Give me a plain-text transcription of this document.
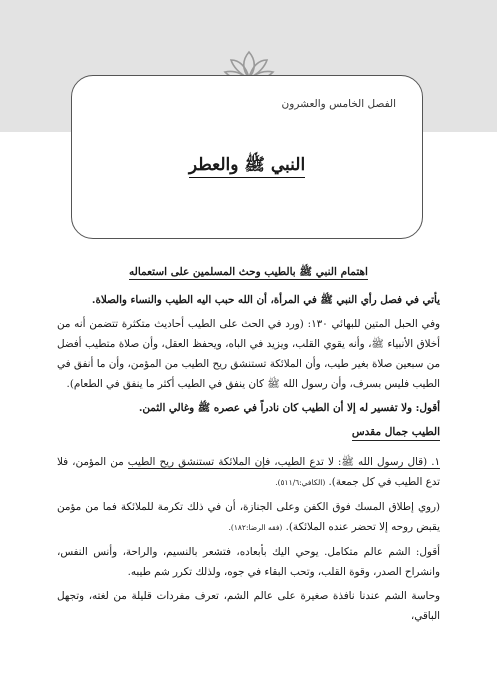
الفصل الخامس والعشرون
النبي ﷺ والعطر
اهتمام النبي ﷺ بالطيب وحث المسلمين على استعماله

يأتي في فصل رأي النبي ﷺ في المرأة، أن الله حبب اليه الطيب والنساء والصلاة.

وفي الحبل المتين للبهائي ١٣٠: (ورد في الحث على الطيب أحاديث متكثرة تتضمن أنه من أخلاق الأنبياء ﷺ، وأنه يقوي القلب، ويزيد في الباه، ويحفظ العقل، وأن صلاة متطيب أفضل من سبعين صلاة بغير طيب، وأن الملائكة تستنشق ريح الطيب من المؤمن، وأن ما أنفق في الطيب فليس بسرف، وأن رسول الله ﷺ كان ينفق في الطيب أكثر ما ينفق في الطعام).

أقول: ولا تفسير له إلا أن الطيب كان نادراً في عصره ﷺ وغالي الثمن.

الطيب جمال مقدس

١. (قال رسول الله ﷺ: لا تدع الطيب، فإن الملائكة تستنشق ريح الطيب من المؤمن، فلا تدع الطيب في كل جمعة). (الكافي:٥١١/٦).

(روي إطلاق المسك فوق الكفن وعلى الجنازة، أن في ذلك تكرمة للملائكة فما من مؤمن يقبض روحه إلا تحضر عنده الملائكة). (فقه الرضا:١٨٢).

أقول: الشم عالم متكامل. يوحي اليك بأبعاده، فتشعر بالنسيم، والراحة، وأنس النفس، وانشراح الصدر، وقوة القلب، وتحب البقاء في جوه، ولذلك تكرر شم طيبه.

وحاسة الشم عندنا نافذة صغيرة على عالم الشم، تعرف مفردات قليلة من لغته، وتجهل الباقي،
